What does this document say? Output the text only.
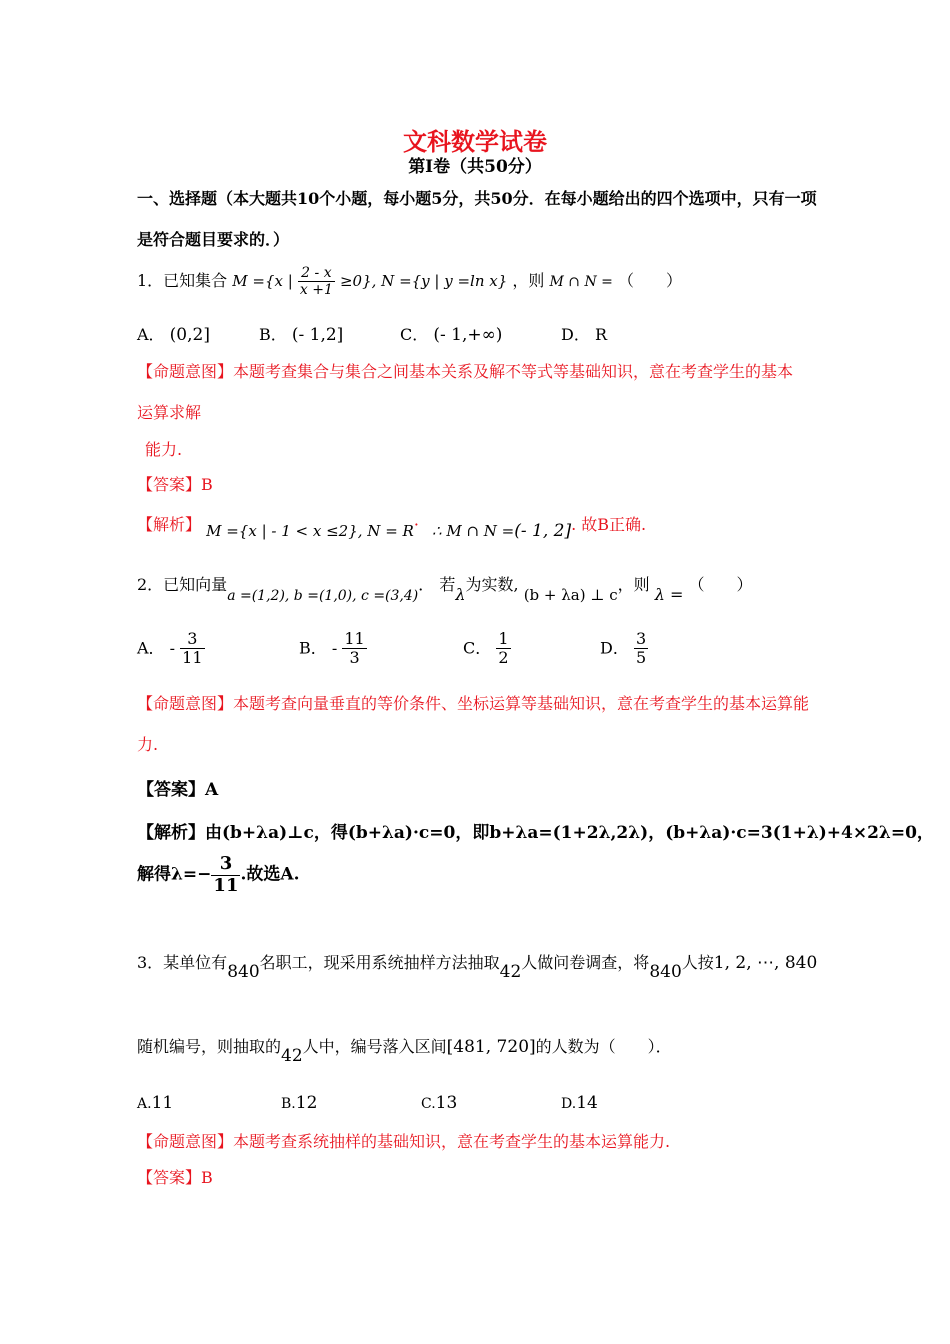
文科数学试卷
第Ⅰ卷（共50分）
一、选择题（本大题共10个小题，每小题5分，共50分．在每小题给出的四个选项中，只有一项
是符合题目要求的．）
1．已知集合 M ={x | $\frac{2 - x}{x +1} \ge 0$}, N ={y | y =ln x} ，则 M ∩ N = （　　）
A． (0,2]	B． (- 1,2]	C． (- 1,+∞)	D． R
【命题意图】本题考查集合与集合之间基本关系及解不等式等基础知识，意在考查学生的基本
运算求解
能力.
【答案】B
【解析】 M ={x | - 1 < x ≤2}, N = R· ∴ M ∩ N =(- 1, 2]. 故B正确.
2．已知向量a =(1,2), b =(1,0), c =(3,4)． 若λ为实数, (b + λa) ⊥ c，则 λ = （　　）
A． - $\frac{3}{11}$	B． - $\frac{11}{3}$	C． $\frac{1}{2}$	D． $\frac{3}{5}$
【命题意图】本题考查向量垂直的等价条件、坐标运算等基础知识，意在考查学生的基本运算能
力.
【答案】A
【解析】由(b+λa)⊥c，得(b+λa)·c=0，即b+λa=(1+2λ,2λ)，(b+λa)·c=3(1+λ)+4×2λ=0，
解得$\lambda=- \frac{3}{11}$ .故选A.
3．某单位有840名职工，现采用系统抽样方法抽取42人做问卷调查，将840人按1, 2, ⋯, 840
随机编号，则抽取的42人中，编号落入区间[481, 720]的人数为（　　）．
A.11	B.12	C.13	D.14
【命题意图】本题考查系统抽样的基础知识，意在考查学生的基本运算能力.
【答案】B
